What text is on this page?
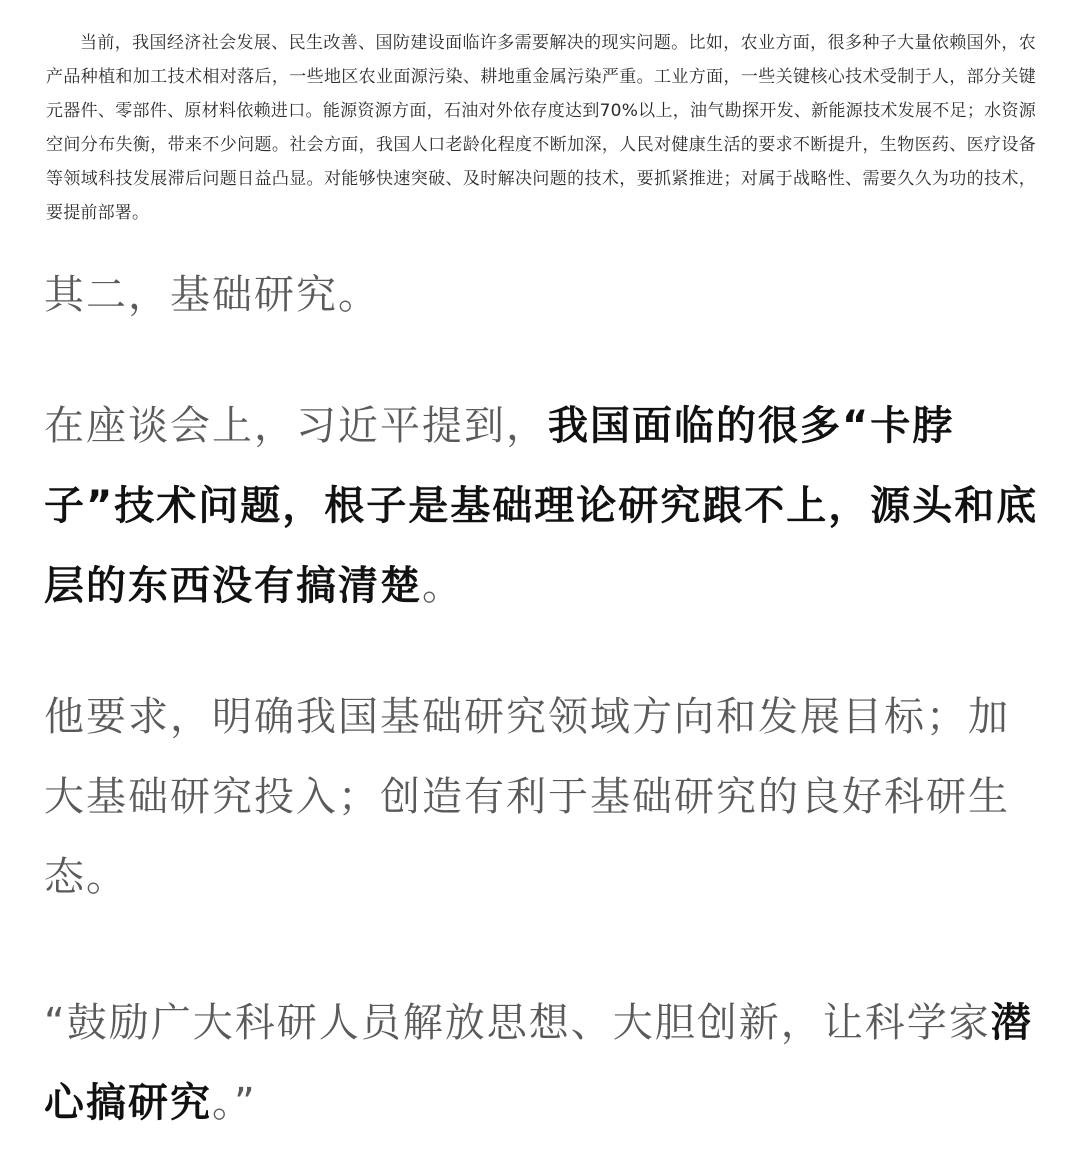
当前，我国经济社会发展、民生改善、国防建设面临许多需要解决的现实问题。比如，农业方面，很多种子大量依赖国外，农产品种植和加工技术相对落后，一些地区农业面源污染、耕地重金属污染严重。工业方面，一些关键核心技术受制于人，部分关键元器件、零部件、原材料依赖进口。能源资源方面，石油对外依存度达到70%以上，油气勘探开发、新能源技术发展不足；水资源空间分布失衡，带来不少问题。社会方面，我国人口老龄化程度不断加深，人民对健康生活的要求不断提升，生物医药、医疗设备等领域科技发展滞后问题日益凸显。对能够快速突破、及时解决问题的技术，要抓紧推进；对属于战略性、需要久久为功的技术，要提前部署。

其二，基础研究。

在座谈会上，习近平提到，我国面临的很多“卡脖子”技术问题，根子是基础理论研究跟不上，源头和底层的东西没有搞清楚。

他要求，明确我国基础研究领域方向和发展目标；加大基础研究投入；创造有利于基础研究的良好科研生态。

“鼓励广大科研人员解放思想、大胆创新，让科学家潜心搞研究。”
